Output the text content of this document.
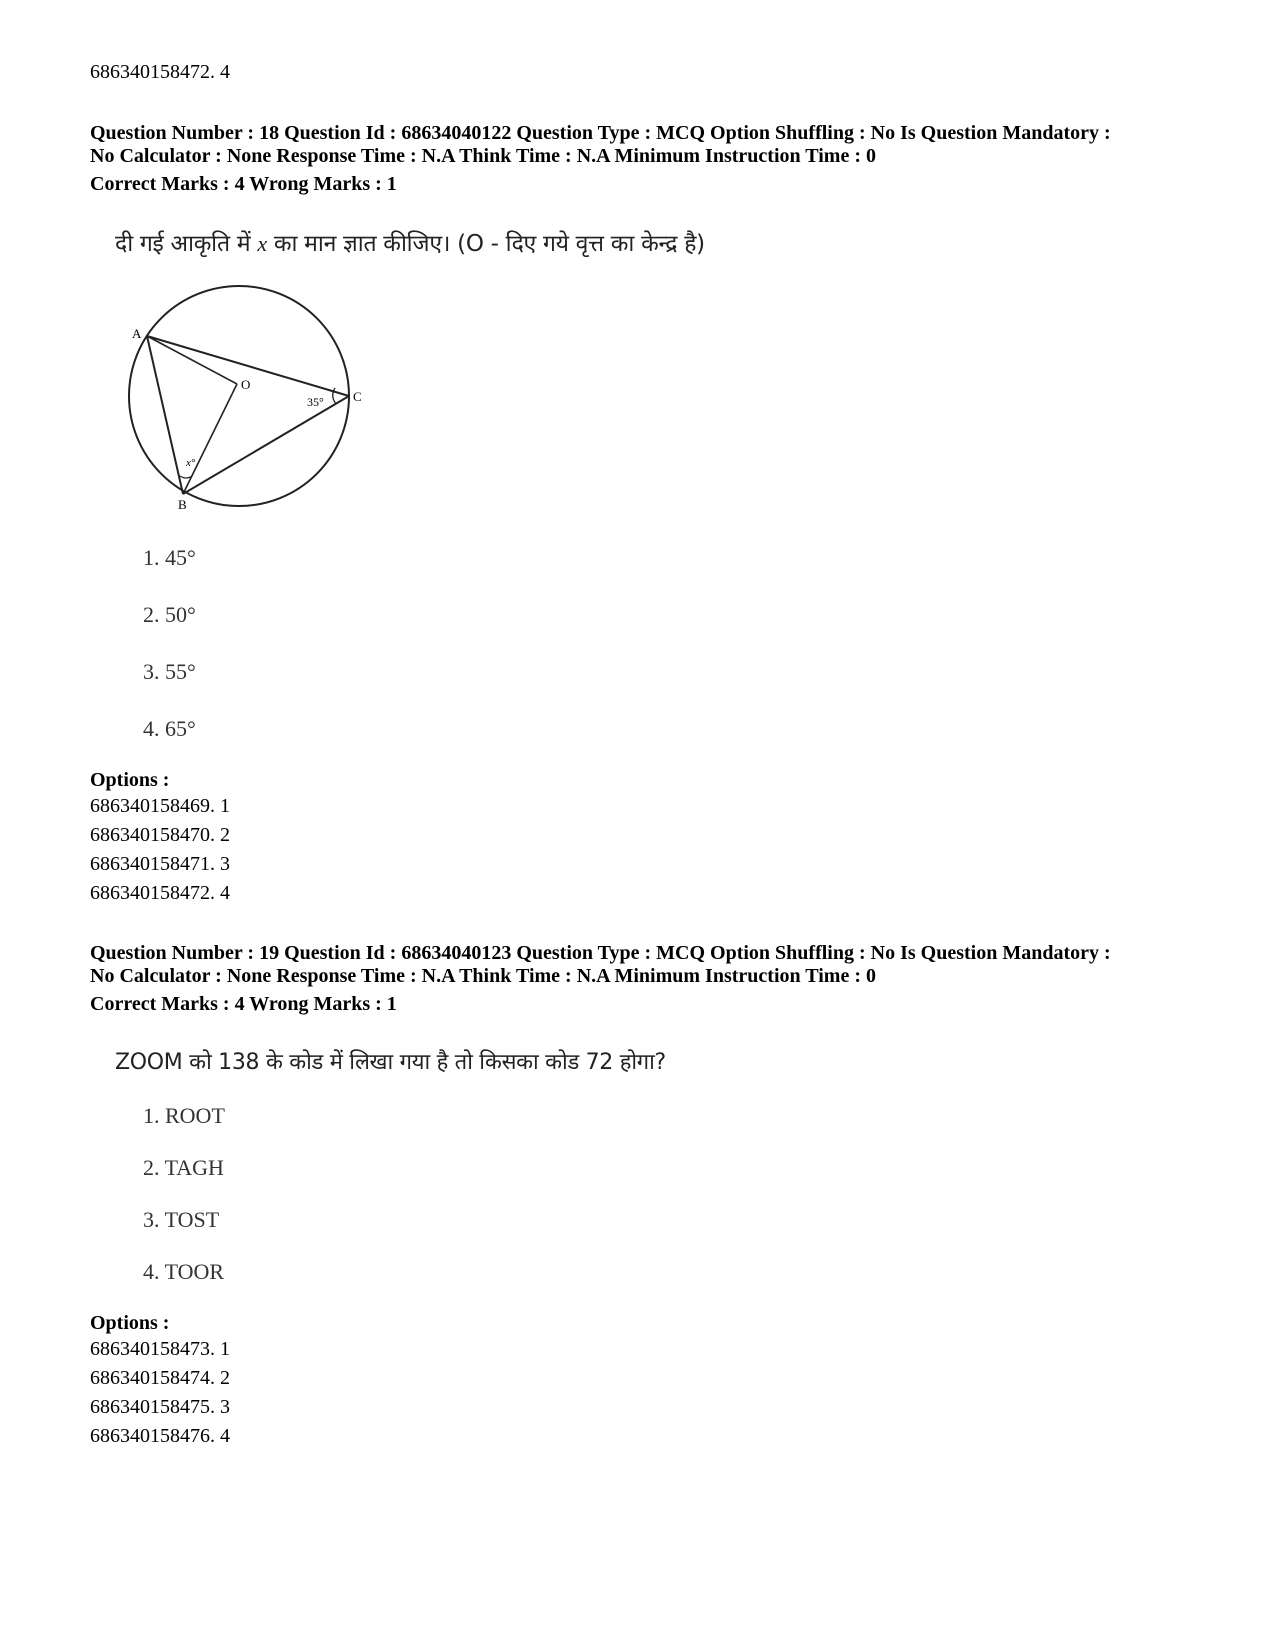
686340158472. 4
Question Number : 18 Question Id : 68634040122 Question Type : MCQ Option Shuffling : No Is Question Mandatory :
No Calculator : None Response Time : N.A Think Time : N.A Minimum Instruction Time : 0
Correct Marks : 4 Wrong Marks : 1
दी गई आकृति में x का मान ज्ञात कीजिए। (O - दिए गये वृत्त का केन्द्र है)
A
O
C
B
35°
x°
1. 45°
2. 50°
3. 55°
4. 65°
Options :
686340158469. 1
686340158470. 2
686340158471. 3
686340158472. 4
Question Number : 19 Question Id : 68634040123 Question Type : MCQ Option Shuffling : No Is Question Mandatory :
No Calculator : None Response Time : N.A Think Time : N.A Minimum Instruction Time : 0
Correct Marks : 4 Wrong Marks : 1
ZOOM को 138 के कोड में लिखा गया है तो किसका कोड 72 होगा?
1. ROOT
2. TAGH
3. TOST
4. TOOR
Options :
686340158473. 1
686340158474. 2
686340158475. 3
686340158476. 4
